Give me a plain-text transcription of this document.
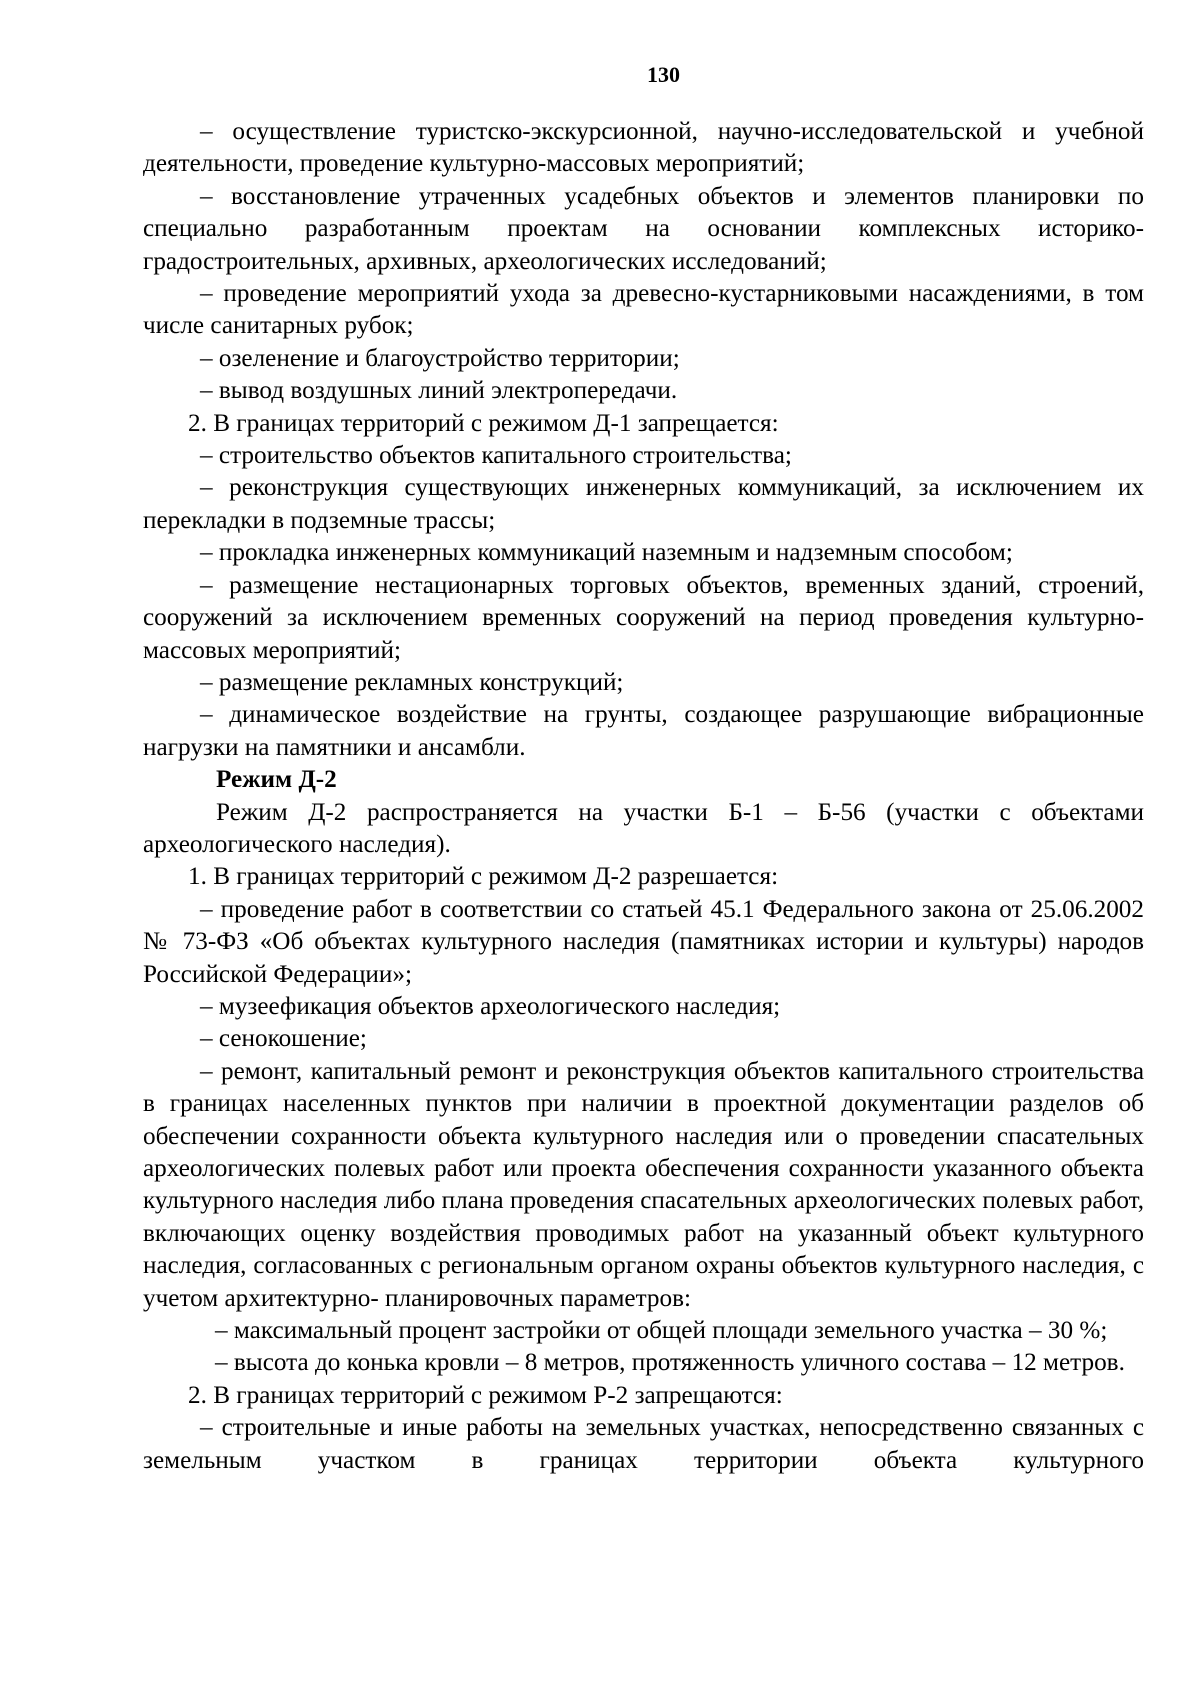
130

– осуществление туристско-экскурсионной, научно-исследовательской и учебной деятельности, проведение культурно-массовых мероприятий;

– восстановление утраченных усадебных объектов и элементов планировки по специально разработанным проектам на основании комплексных историко-градостроительных, архивных, археологических исследований;

– проведение мероприятий ухода за древесно-кустарниковыми насаждениями, в том числе санитарных рубок;

– озеленение и благоустройство территории;

– вывод воздушных линий электропередачи.

2. В границах территорий с режимом Д-1 запрещается:

– строительство объектов капитального строительства;

– реконструкция существующих инженерных коммуникаций, за исключением их перекладки в подземные трассы;

– прокладка инженерных коммуникаций наземным и надземным способом;

– размещение нестационарных торговых объектов, временных зданий, строений, сооружений за исключением временных сооружений на период проведения культурно-массовых мероприятий;

– размещение рекламных конструкций;

– динамическое воздействие на грунты, создающее разрушающие вибрационные нагрузки на памятники и ансамбли.

Режим Д-2

Режим Д-2 распространяется на участки Б-1 – Б-56 (участки с объектами археологического наследия).

1. В границах территорий с режимом Д-2 разрешается:

– проведение работ в соответствии со статьей 45.1 Федерального закона от 25.06.2002

№ 73-ФЗ «Об объектах культурного наследия (памятниках истории и культуры) народов Российской Федерации»;

– музеефикация объектов археологического наследия;

– сенокошение;

– ремонт, капитальный ремонт и реконструкция объектов капитального строительства в границах населенных пунктов при наличии в проектной документации разделов об обеспечении сохранности объекта культурного наследия или о проведении спасательных археологических полевых работ или проекта обеспечения сохранности указанного объекта культурного наследия либо плана проведения спасательных археологических полевых работ, включающих оценку воздействия проводимых работ на указанный объект культурного наследия, согласованных с региональным органом охраны объектов культурного наследия, с учетом архитектурно- планировочных параметров:

– максимальный процент застройки от общей площади земельного участка – 30 %;

– высота до конька кровли – 8 метров, протяженность уличного состава – 12 метров.

2. В границах территорий с режимом Р-2 запрещаются:

– строительные и иные работы на земельных участках, непосредственно связанных с земельным участком в границах территории объекта культурного
